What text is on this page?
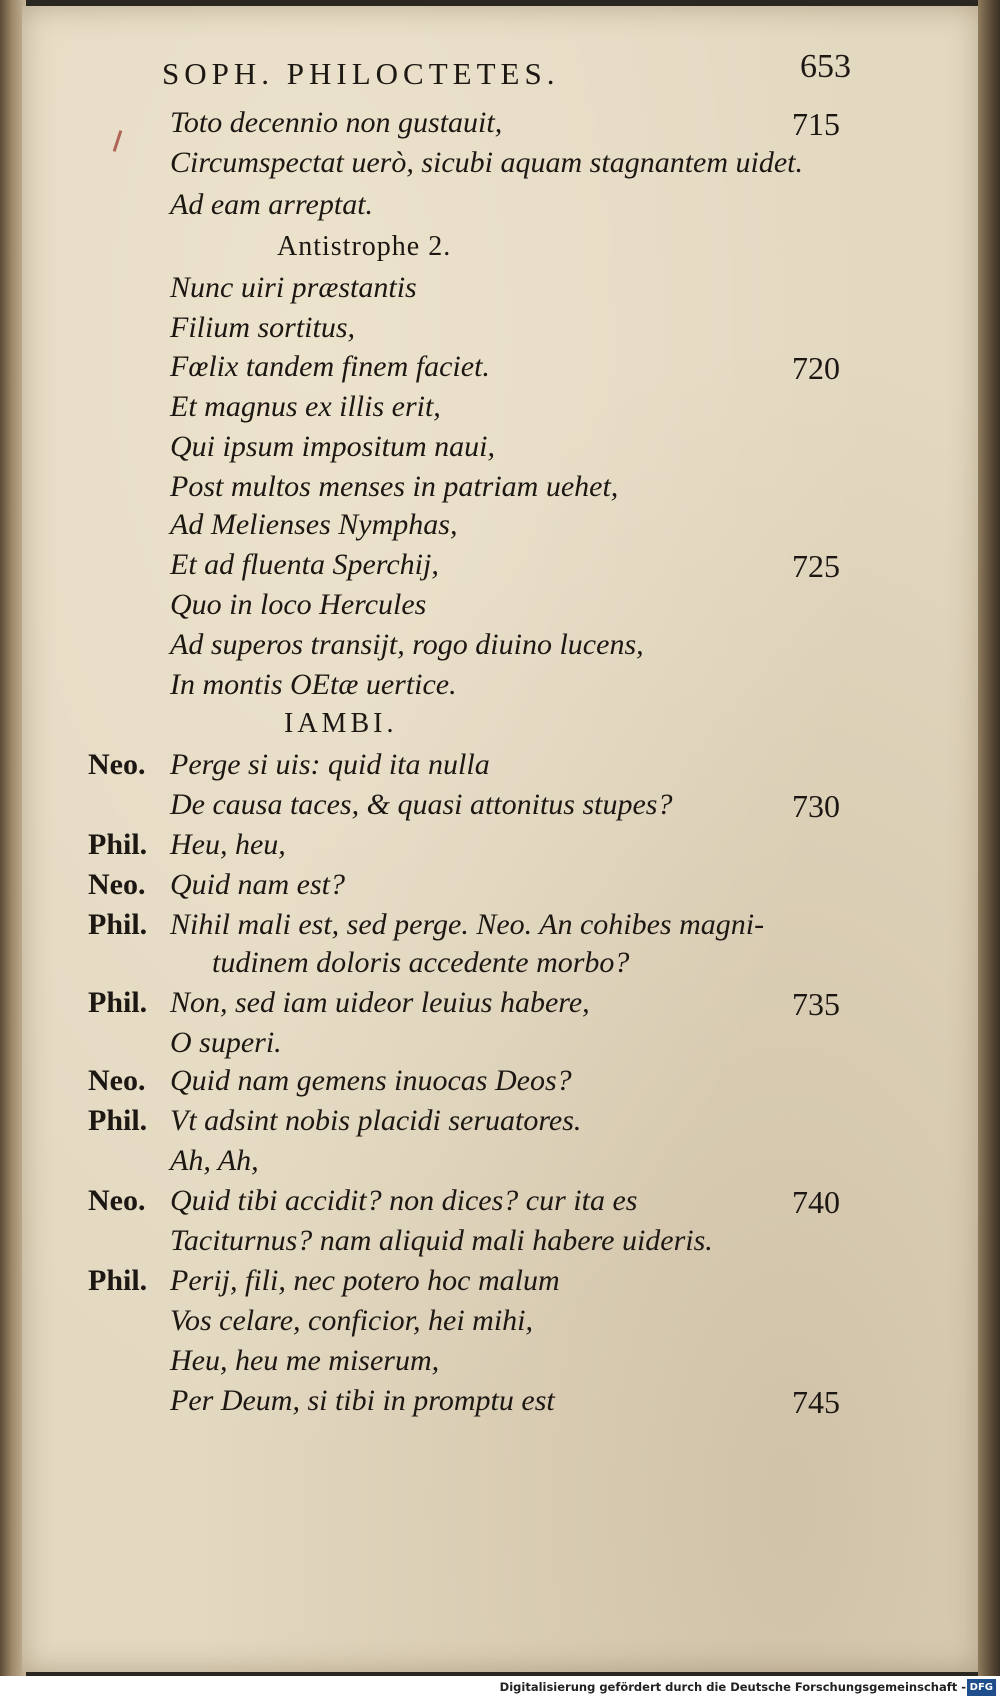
SOPH. PHILOCTETES.	653
Toto decennio non gustauit,	715
Circumspectat uerò, sicubi aquam stagnantem uidet.
Ad eam arreptat.
Antistrophe 2.
Nunc uiri præstantis
Filium sortitus,
Fœlix tandem finem faciet.	720
Et magnus ex illis erit,
Qui ipsum impositum naui,
Post multos menses in patriam uehet,
Ad Melienses Nymphas,
Et ad fluenta Sperchij,	725
Quo in loco Hercules
Ad superos transijt, rogo diuino lucens,
In montis OEtæ uertice.
IAMBI.
Neo. Perge si uis: quid ita nulla
De causa taces, & quasi attonitus stupes?	730
Phil. Heu, heu,
Neo. Quid nam est?
Phil. Nihil mali est, sed perge. Neo. An cohibes magni-
tudinem doloris accedente morbo?
Phil. Non, sed iam uideor leuius habere,	735
O superi.
Neo. Quid nam gemens inuocas Deos?
Phil. Vt adsint nobis placidi seruatores.
Ah, Ah,
Neo. Quid tibi accidit? non dices? cur ita es	740
Taciturnus? nam aliquid mali habere uideris.
Phil. Perij, fili, nec potero hoc malum
Vos celare, conficior, hei mihi,
Heu, heu me miserum,
Per Deum, si tibi in promptu est	745
Digitalisierung gefördert durch die Deutsche Forschungsgemeinschaft - DFG
